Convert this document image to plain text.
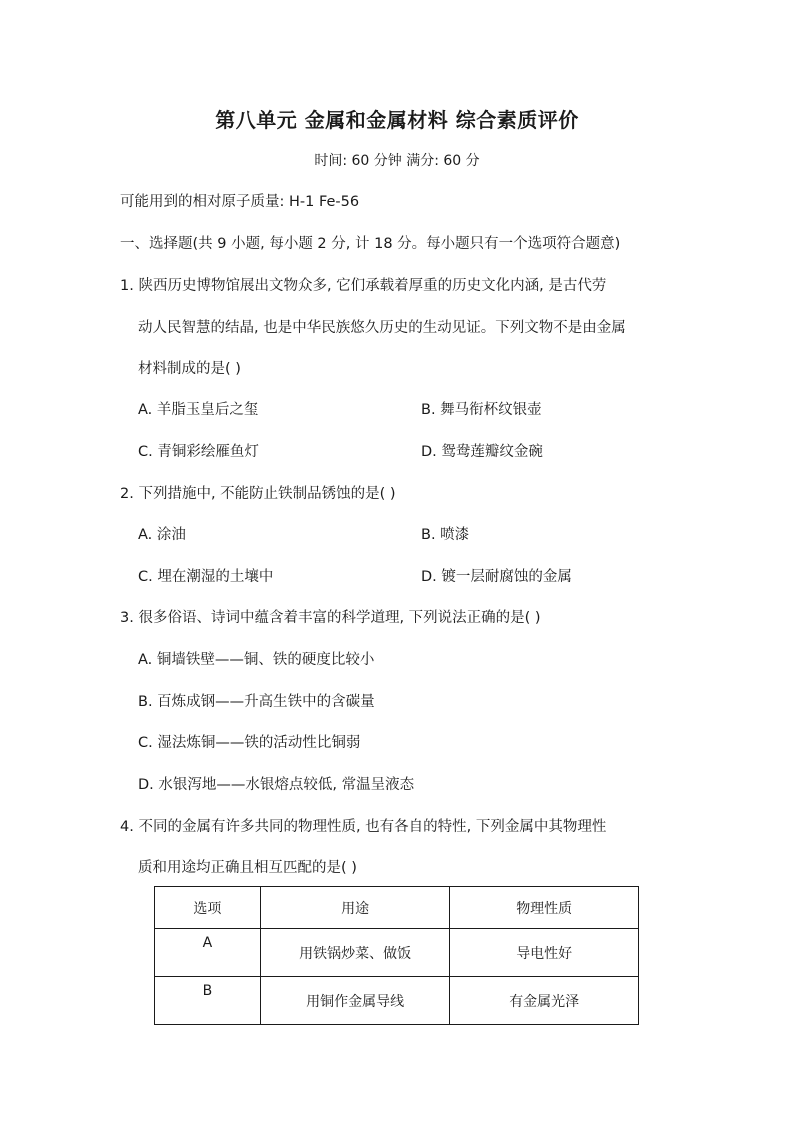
第八单元 金属和金属材料 综合素质评价
时间: 60 分钟 满分: 60 分
可能用到的相对原子质量: H-1 Fe-56
一、选择题(共 9 小题, 每小题 2 分, 计 18 分。每小题只有一个选项符合题意)
1. 陕西历史博物馆展出文物众多, 它们承载着厚重的历史文化内涵, 是古代劳
动人民智慧的结晶, 也是中华民族悠久历史的生动见证。下列文物不是由金属
材料制成的是( )
A. 羊脂玉皇后之玺	B. 舞马衔杯纹银壶
C. 青铜彩绘雁鱼灯	D. 鸳鸯莲瓣纹金碗
2. 下列措施中, 不能防止铁制品锈蚀的是( )
A. 涂油	B. 喷漆
C. 埋在潮湿的土壤中	D. 镀一层耐腐蚀的金属
3. 很多俗语、诗词中蕴含着丰富的科学道理, 下列说法正确的是( )
A. 铜墙铁壁——铜、铁的硬度比较小
B. 百炼成钢——升高生铁中的含碳量
C. 湿法炼铜——铁的活动性比铜弱
D. 水银泻地——水银熔点较低, 常温呈液态
4. 不同的金属有许多共同的物理性质, 也有各自的特性, 下列金属中其物理性
质和用途均正确且相互匹配的是( )
选项	用途	物理性质
A	用铁锅炒菜、做饭	导电性好
B	用铜作金属导线	有金属光泽
